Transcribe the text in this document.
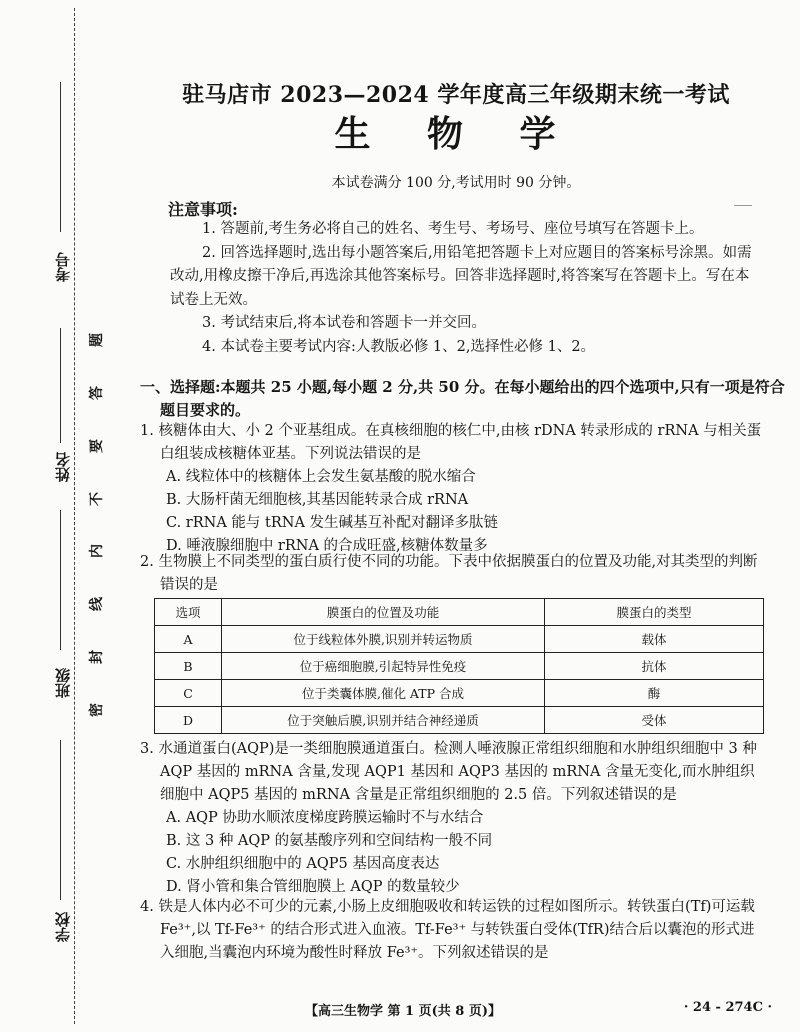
考号
姓名
班级
学校
题
答
要
不
内
线
封
密
驻马店市 2023—2024 学年度高三年级期末统一考试
生 物 学
本试卷满分 100 分,考试用时 90 分钟。
注意事项:

1. 答题前,考生务必将自己的姓名、考生号、考场号、座位号填写在答题卡上。

2. 回答选择题时,选出每小题答案后,用铅笔把答题卡上对应题目的答案标号涂黑。如需改动,用橡皮擦干净后,再选涂其他答案标号。回答非选择题时,将答案写在答题卡上。写在本试卷上无效。

3. 考试结束后,将本试卷和答题卡一并交回。

4. 本试卷主要考试内容:人教版必修 1、2,选择性必修 1、2。

一、选择题:本题共 25 小题,每小题 2 分,共 50 分。在每小题给出的四个选项中,只有一项是符合题目要求的。
1. 核糖体由大、小 2 个亚基组成。在真核细胞的核仁中,由核 rDNA 转录形成的 rRNA 与相关蛋白组装成核糖体亚基。下列说法错误的是
A. 线粒体中的核糖体上会发生氨基酸的脱水缩合
B. 大肠杆菌无细胞核,其基因能转录合成 rRNA
C. rRNA 能与 tRNA 发生碱基互补配对翻译多肽链
D. 唾液腺细胞中 rRNA 的合成旺盛,核糖体数量多
2. 生物膜上不同类型的蛋白质行使不同的功能。下表中依据膜蛋白的位置及功能,对其类型的判断错误的是
选项	膜蛋白的位置及功能	膜蛋白的类型
A	位于线粒体外膜,识别并转运物质	载体
B	位于癌细胞膜,引起特异性免疫	抗体
C	位于类囊体膜,催化 ATP 合成	酶
D	位于突触后膜,识别并结合神经递质	受体
3. 水通道蛋白(AQP)是一类细胞膜通道蛋白。检测人唾液腺正常组织细胞和水肿组织细胞中 3 种 AQP 基因的 mRNA 含量,发现 AQP1 基因和 AQP3 基因的 mRNA 含量无变化,而水肿组织细胞中 AQP5 基因的 mRNA 含量是正常组织细胞的 2.5 倍。下列叙述错误的是
A. AQP 协助水顺浓度梯度跨膜运输时不与水结合
B. 这 3 种 AQP 的氨基酸序列和空间结构一般不同
C. 水肿组织细胞中的 AQP5 基因高度表达
D. 肾小管和集合管细胞膜上 AQP 的数量较少
4. 铁是人体内必不可少的元素,小肠上皮细胞吸收和转运铁的过程如图所示。转铁蛋白(Tf)可运载 Fe³⁺,以 Tf-Fe³⁺ 的结合形式进入血液。Tf-Fe³⁺ 与转铁蛋白受体(TfR)结合后以囊泡的形式进入细胞,当囊泡内环境为酸性时释放 Fe³⁺。下列叙述错误的是
【高三生物学 第 1 页(共 8 页)】	· 24 - 274C ·
